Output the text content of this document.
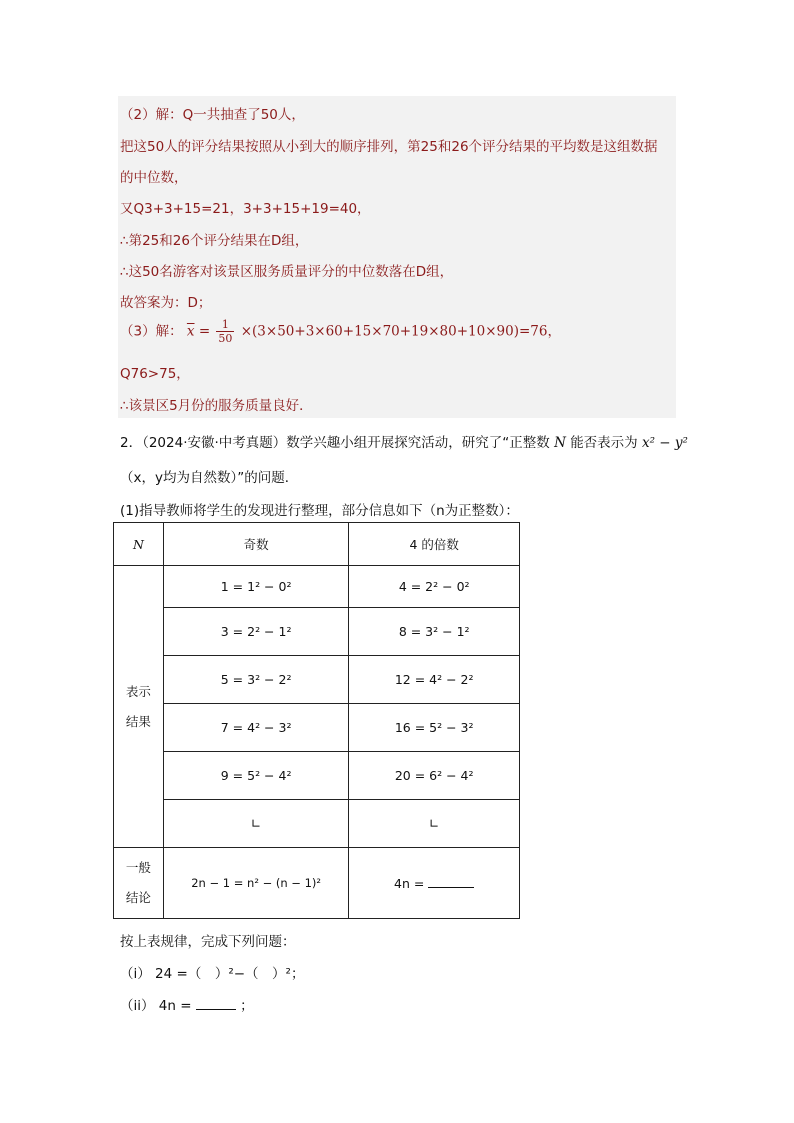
（2）解：Q一共抽查了50人，
把这50人的评分结果按照从小到大的顺序排列，第25和26个评分结果的平均数是这组数据
的中位数，
又Q3+3+15=21，3+3+15+19=40，
∴第25和26个评分结果在D组，
∴这50名游客对该景区服务质量评分的中位数落在D组，
故答案为：D；
（3）解： $\overline{x} = \frac{1}{50} \times(3\times 50+3\times 60+15\times 70+19\times 80+10\times 90)=76$，
Q76>75，
∴该景区5月份的服务质量良好．
2．（2024·安徽·中考真题）数学兴趣小组开展探究活动，研究了“正整数 N 能否表示为 x² − y²
（x，y均为自然数）”的问题．
(1)指导教师将学生的发现进行整理，部分信息如下（n为正整数）：
N	奇数	4 的倍数
表示
结果	1 = 1² − 0²	4 = 2² − 0²
	3 = 2² − 1²	8 = 3² − 1²
	5 = 3² − 2²	12 = 4² − 2²
	7 = 4² − 3²	16 = 5² − 3²
	9 = 5² − 4²	20 = 6² − 4²
	∟	∟
一般
结论	2n − 1 = n² − (n − 1)²	4n =
按上表规律，完成下列问题：
（i） 24 =（　）²−（　）²；
（ii） 4n =	；
